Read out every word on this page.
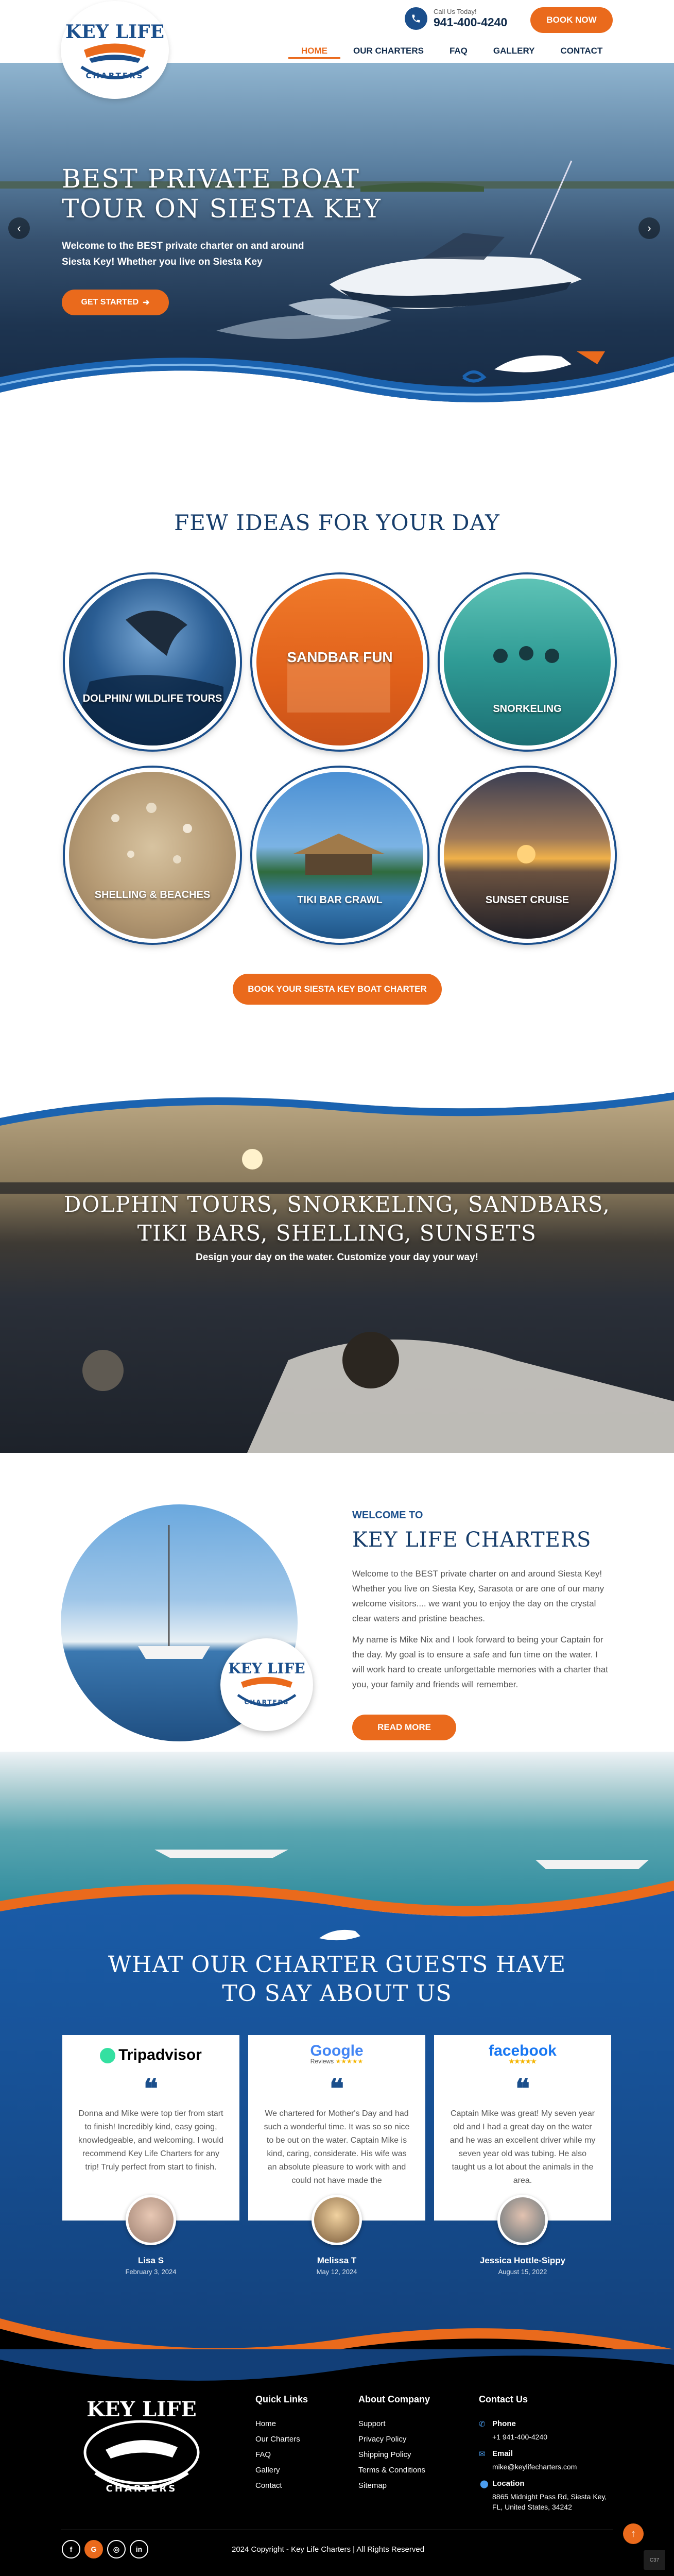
Call Us Today!
941-400-4240	BOOK NOW
HOME	OUR CHARTERS	FAQ	GALLERY	CONTACT
KEY LIFE
CHARTERS
‹	›
BEST PRIVATE BOAT
TOUR ON SIESTA KEY
Welcome to the BEST private charter on and around Siesta Key! Whether you live on Siesta Key
GET STARTED ➜
FEW IDEAS FOR YOUR DAY
DOLPHIN/ WILDLIFE TOURS
SANDBAR FUN
SNORKELING
SHELLING & BEACHES	TIKI BAR CRAWL	SUNSET CRUISE
BOOK YOUR SIESTA KEY BOAT CHARTER
DOLPHIN TOURS, SNORKELING, SANDBARS,
TIKI BARS, SHELLING, SUNSETS
Design your day on the water. Customize your day your way!
KEY LIFE
CHARTERS
WELCOME TO
KEY LIFE CHARTERS
Welcome to the BEST private charter on and around Siesta Key! Whether you live on Siesta Key, Sarasota or are one of our many welcome visitors.... we want you to enjoy the day on the crystal clear waters and pristine beaches.
My name is Mike Nix and I look forward to being your Captain for the day. My goal is to ensure a safe and fun time on the water. I will work hard to create unforgettable memories with a charter that you, your family and friends will remember.
READ MORE
WHAT OUR CHARTER GUESTS HAVE
TO SAY ABOUT US
Tripadvisor
❝
Donna and Mike were top tier from start to finish! Incredibly kind, easy going, knowledgeable, and welcoming. I would recommend Key Life Charters for any trip! Truly perfect from start to finish.
Google
Reviews ★★★★★
❝
We chartered for Mother's Day and had such a wonderful time. It was so so nice to be out on the water. Captain Mike is kind, caring, considerate. His wife was an absolute pleasure to work with and could not have made the
facebook
★★★★★
❝
Captain Mike was great! My seven year old and I had a great day on the water and he was an excellent driver while my seven year old was tubing. He also taught us a lot about the animals in the area.
Lisa S
February 3, 2024
Melissa T
May 12, 2024
Jessica Hottle-Sippy
August 15, 2022
KEY LIFE
CHARTERS
Quick Links
Home
Our Charters
FAQ
Gallery
Contact
About Company
Support
Privacy Policy
Shipping Policy
Terms & Conditions
Sitemap
Contact Us
✆ Phone
+1 941-400-4240
✉ Email
mike@keylifecharters.com
⬤ Location
8865 Midnight Pass Rd, Siesta Key,
FL, United States, 34242
↑
f	G	◎	in	2024 Copyright - Key Life Charters | All Rights Reserved
C37
